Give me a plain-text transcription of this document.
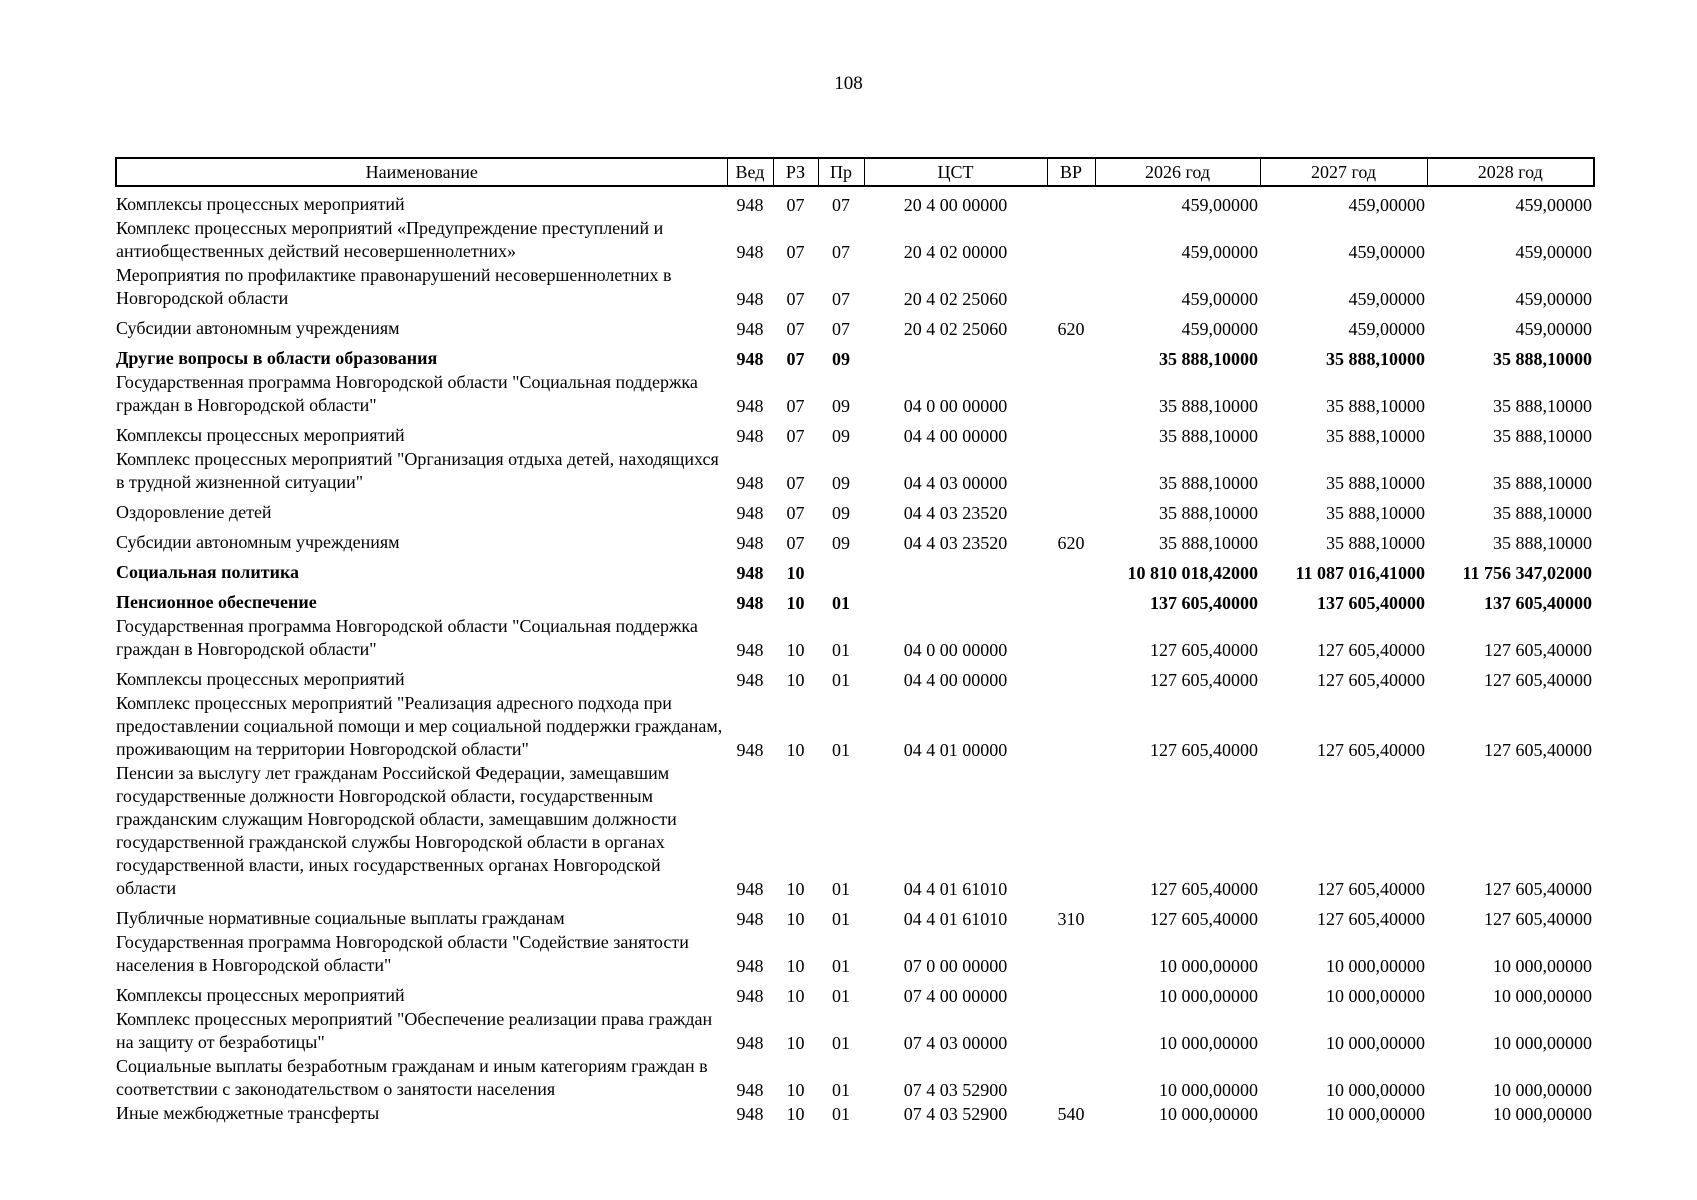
108
Наименование	Вед	РЗ	Пр	ЦСТ	ВР	2026 год	2027 год	2028 год
Комплексы процессных мероприятий	948	07	07	20 4 00 00000		459,00000	459,00000	459,00000
Комплекс процессных мероприятий «Предупреждение преступлений и антиобщественных действий несовершеннолетних»	948	07	07	20 4 02 00000		459,00000	459,00000	459,00000
Мероприятия по профилактике правонарушений несовершеннолетних в Новгородской области	948	07	07	20 4 02 25060		459,00000	459,00000	459,00000
Субсидии автономным учреждениям	948	07	07	20 4 02 25060	620	459,00000	459,00000	459,00000
Другие вопросы в области образования	948	07	09			35 888,10000	35 888,10000	35 888,10000
Государственная программа Новгородской области "Социальная поддержка граждан в Новгородской области"	948	07	09	04 0 00 00000		35 888,10000	35 888,10000	35 888,10000
Комплексы процессных мероприятий	948	07	09	04 4 00 00000		35 888,10000	35 888,10000	35 888,10000
Комплекс процессных мероприятий "Организация отдыха детей, находящихся в трудной жизненной ситуации"	948	07	09	04 4 03 00000		35 888,10000	35 888,10000	35 888,10000
Оздоровление детей	948	07	09	04 4 03 23520		35 888,10000	35 888,10000	35 888,10000
Субсидии автономным учреждениям	948	07	09	04 4 03 23520	620	35 888,10000	35 888,10000	35 888,10000
Социальная политика	948	10				10 810 018,42000	11 087 016,41000	11 756 347,02000
Пенсионное обеспечение	948	10	01			137 605,40000	137 605,40000	137 605,40000
Государственная программа Новгородской области "Социальная поддержка граждан в Новгородской области"	948	10	01	04 0 00 00000		127 605,40000	127 605,40000	127 605,40000
Комплексы процессных мероприятий	948	10	01	04 4 00 00000		127 605,40000	127 605,40000	127 605,40000
Комплекс процессных мероприятий "Реализация адресного подхода при предоставлении социальной помощи и мер социальной поддержки гражданам, проживающим на территории Новгородской области"	948	10	01	04 4 01 00000		127 605,40000	127 605,40000	127 605,40000
Пенсии за выслугу лет гражданам Российской Федерации, замещавшим государственные должности Новгородской области, государственным гражданским служащим Новгородской области, замещавшим должности государственной гражданской службы Новгородской области в органах государственной власти, иных государственных органах Новгородской области	948	10	01	04 4 01 61010		127 605,40000	127 605,40000	127 605,40000
Публичные нормативные социальные выплаты гражданам	948	10	01	04 4 01 61010	310	127 605,40000	127 605,40000	127 605,40000
Государственная программа Новгородской области "Содействие занятости населения в Новгородской области"	948	10	01	07 0 00 00000		10 000,00000	10 000,00000	10 000,00000
Комплексы процессных мероприятий	948	10	01	07 4 00 00000		10 000,00000	10 000,00000	10 000,00000
Комплекс процессных мероприятий "Обеспечение реализации права граждан на защиту от безработицы"	948	10	01	07 4 03 00000		10 000,00000	10 000,00000	10 000,00000
Социальные выплаты безработным гражданам и иным категориям граждан в соответствии с законодательством о занятости населения	948	10	01	07 4 03 52900		10 000,00000	10 000,00000	10 000,00000
Иные межбюджетные трансферты	948	10	01	07 4 03 52900	540	10 000,00000	10 000,00000	10 000,00000
